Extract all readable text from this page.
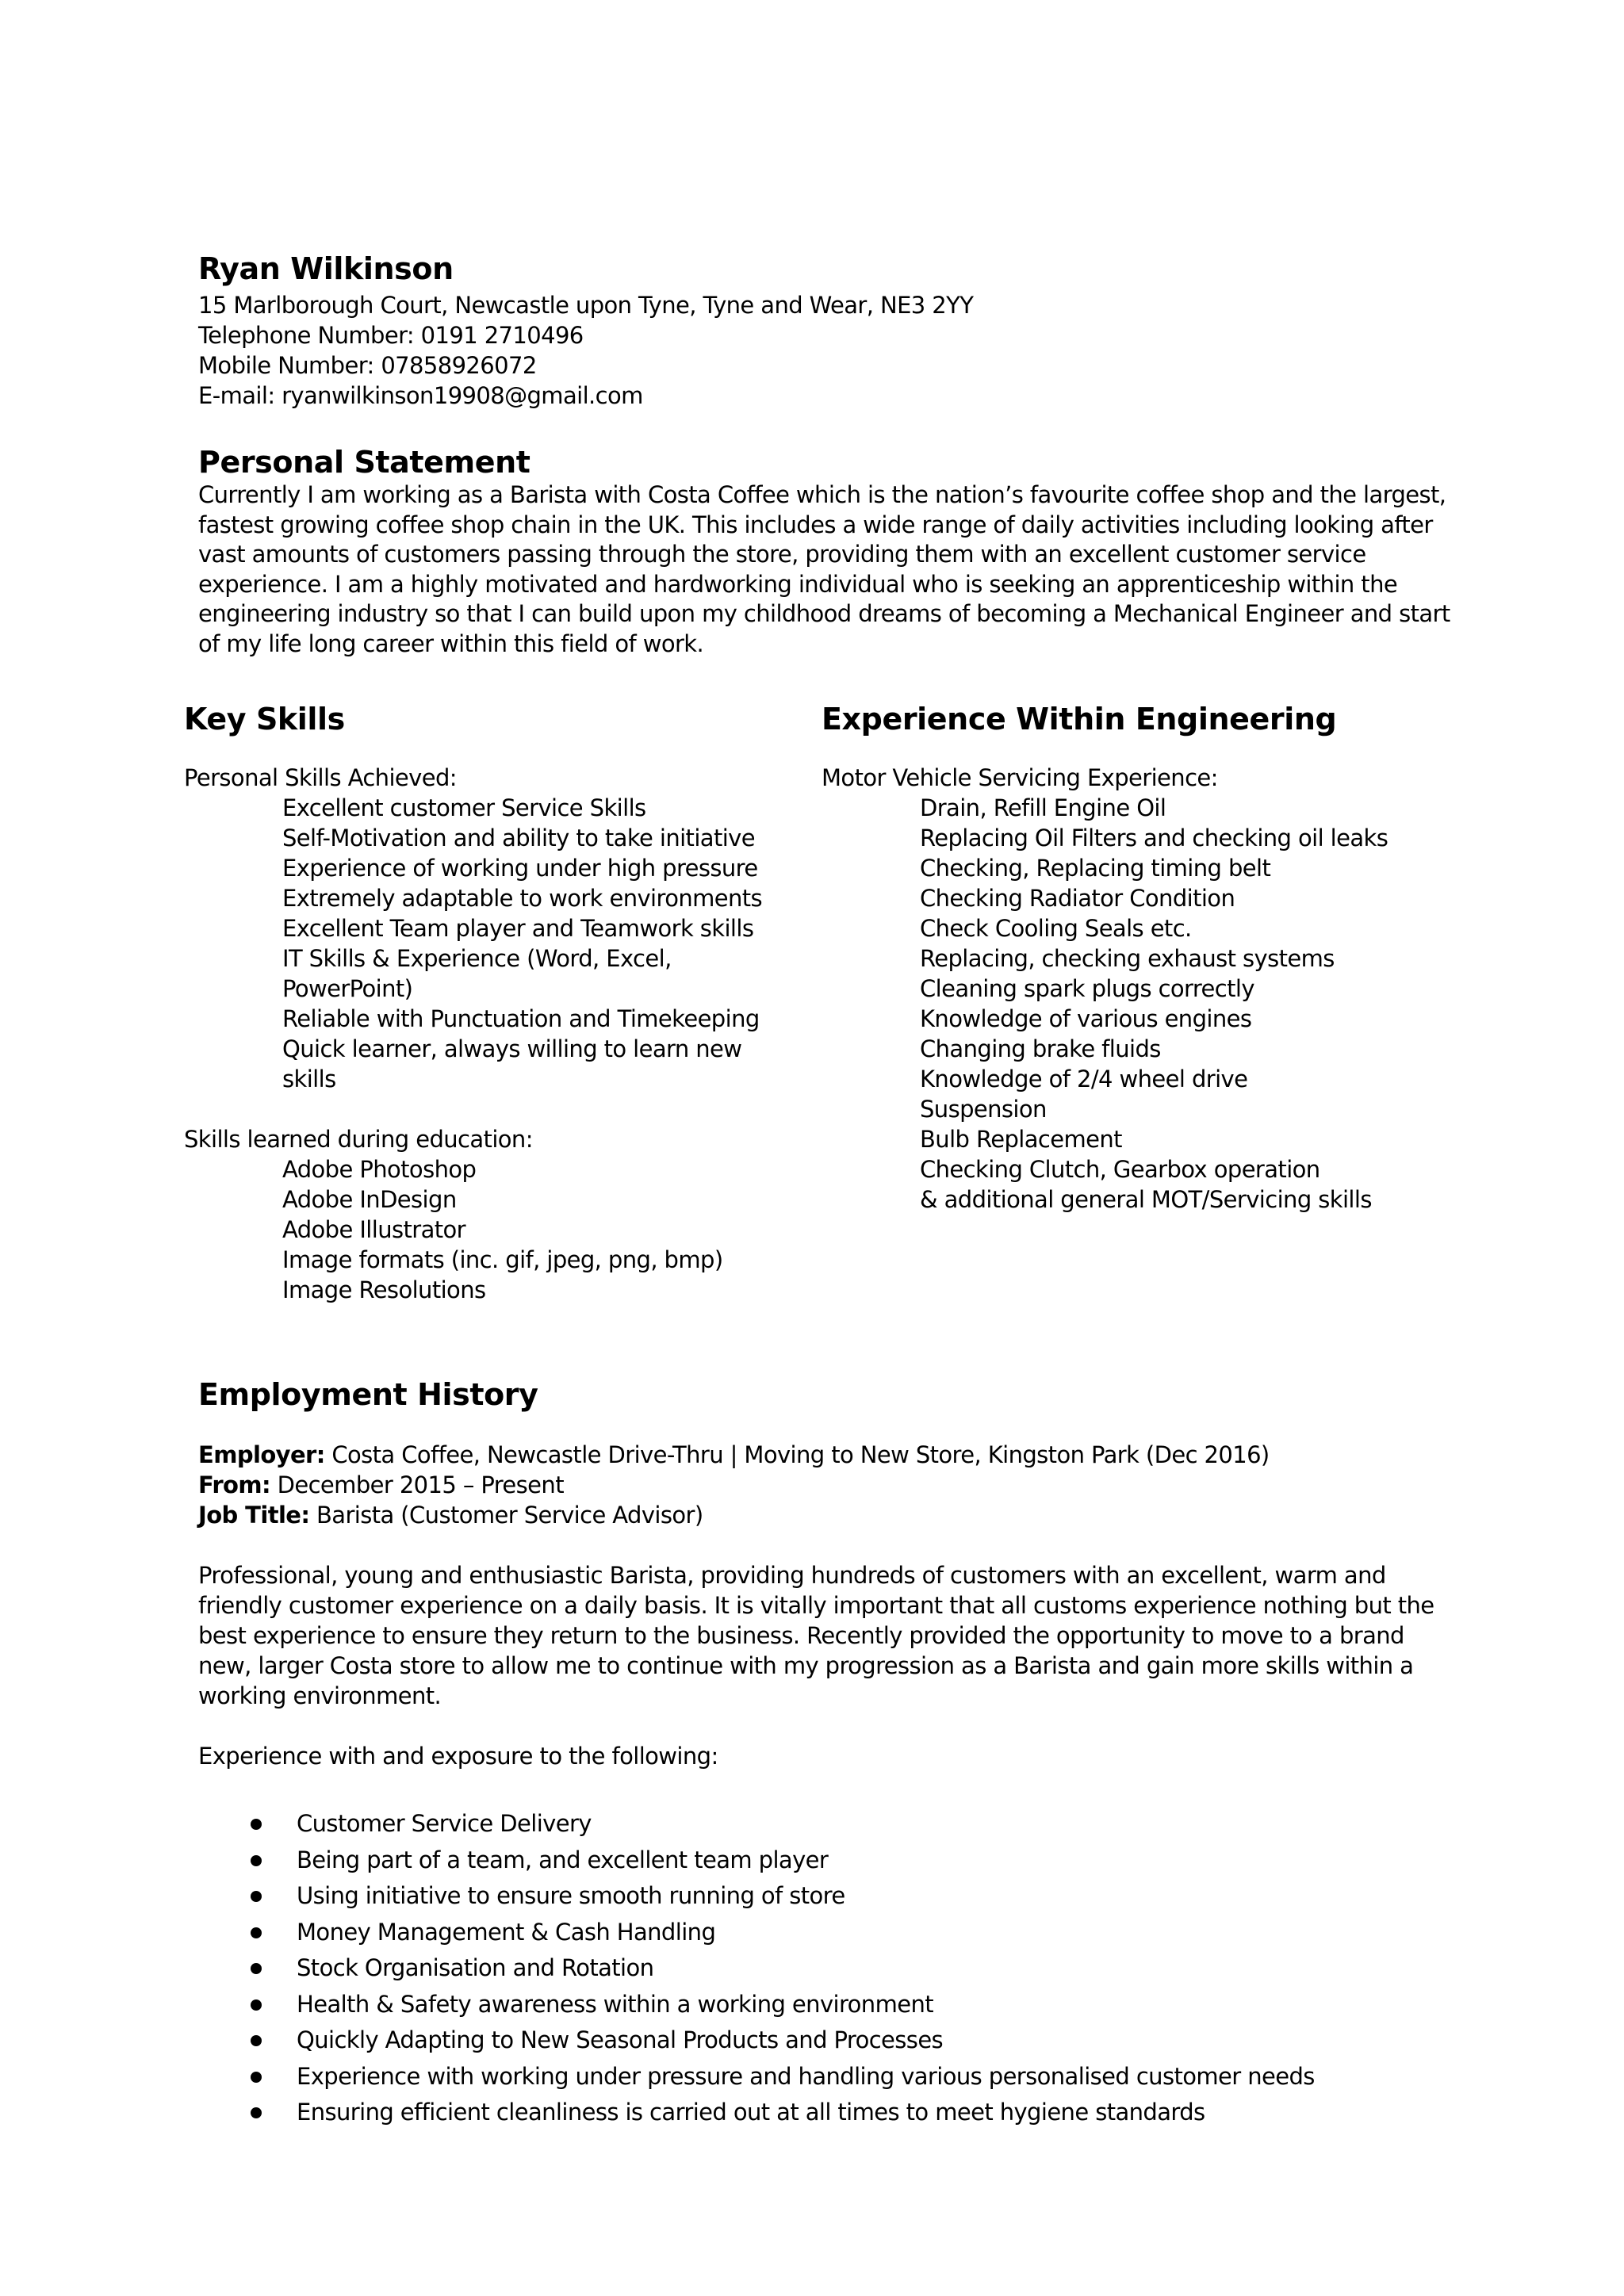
Ryan Wilkinson
15 Marlborough Court, Newcastle upon Tyne, Tyne and Wear, NE3 2YY
Telephone Number: 0191 2710496
Mobile Number: 07858926072
E-mail: ryanwilkinson19908@gmail.com
Personal Statement
Currently I am working as a Barista with Costa Coffee which is the nation’s favourite coffee shop and the largest,
fastest growing coffee shop chain in the UK. This includes a wide range of daily activities including looking after
vast amounts of customers passing through the store, providing them with an excellent customer service
experience. I am a highly motivated and hardworking individual who is seeking an apprenticeship within the
engineering industry so that I can build upon my childhood dreams of becoming a Mechanical Engineer and start
of my life long career within this field of work.
Key Skills
Personal Skills Achieved:
Excellent customer Service Skills
Self-Motivation and ability to take initiative
Experience of working under high pressure
Extremely adaptable to work environments
Excellent Team player and Teamwork skills
IT Skills & Experience (Word, Excel,
PowerPoint)
Reliable with Punctuation and Timekeeping
Quick learner, always willing to learn new
skills
Skills learned during education:
Adobe Photoshop
Adobe InDesign
Adobe Illustrator
Image formats (inc. gif, jpeg, png, bmp)
Image Resolutions
Experience Within Engineering
Motor Vehicle Servicing Experience:
Drain, Refill Engine Oil
Replacing Oil Filters and checking oil leaks
Checking, Replacing timing belt
Checking Radiator Condition
Check Cooling Seals etc.
Replacing, checking exhaust systems
Cleaning spark plugs correctly
Knowledge of various engines
Changing brake fluids
Knowledge of 2/4 wheel drive
Suspension
Bulb Replacement
Checking Clutch, Gearbox operation
& additional general MOT/Servicing skills
Employment History
Employer: Costa Coffee, Newcastle Drive-Thru | Moving to New Store, Kingston Park (Dec 2016)
From: December 2015 – Present
Job Title: Barista (Customer Service Advisor)
Professional, young and enthusiastic Barista, providing hundreds of customers with an excellent, warm and
friendly customer experience on a daily basis. It is vitally important that all customs experience nothing but the
best experience to ensure they return to the business. Recently provided the opportunity to move to a brand
new, larger Costa store to allow me to continue with my progression as a Barista and gain more skills within a
working environment.
Experience with and exposure to the following:
Customer Service Delivery
Being part of a team, and excellent team player
Using initiative to ensure smooth running of store
Money Management & Cash Handling
Stock Organisation and Rotation
Health & Safety awareness within a working environment
Quickly Adapting to New Seasonal Products and Processes
Experience with working under pressure and handling various personalised customer needs
Ensuring efficient cleanliness is carried out at all times to meet hygiene standards
